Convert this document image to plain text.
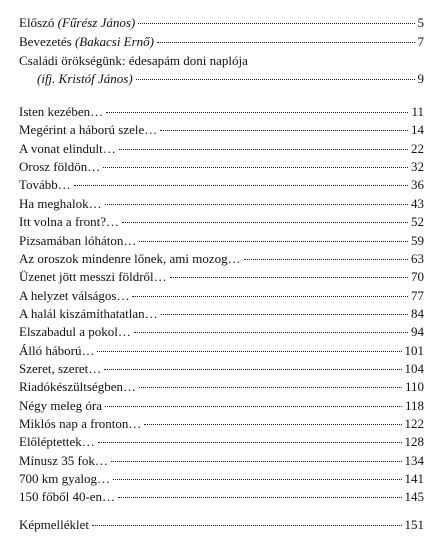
Előszó (Fűrész János)	5
Bevezetés (Bakacsi Ernő)	7
Családi örökségünk: édesapám doni naplója
(ifj. Kristóf János)	9
Isten kezében…	11
Megérint a háború szele…	14
A vonat elindult…	22
Orosz földön…	32
Tovább…	36
Ha meghalok…	43
Itt volna a front?…	52
Pizsamában lóháton…	59
Az oroszok mindenre lőnek, ami mozog…	63
Üzenet jött messzi földről…	70
A helyzet válságos…	77
A halál kiszámíthatatlan…	84
Elszabadul a pokol…	94
Álló háború…	101
Szeret, szeret…	104
Riadókészültségben…	110
Négy meleg óra	118
Miklós nap a fronton…	122
Előléptettek…	128
Mínusz 35 fok…	134
700 km gyalog…	141
150 főből 40-en…	145
Képmelléklet	151
